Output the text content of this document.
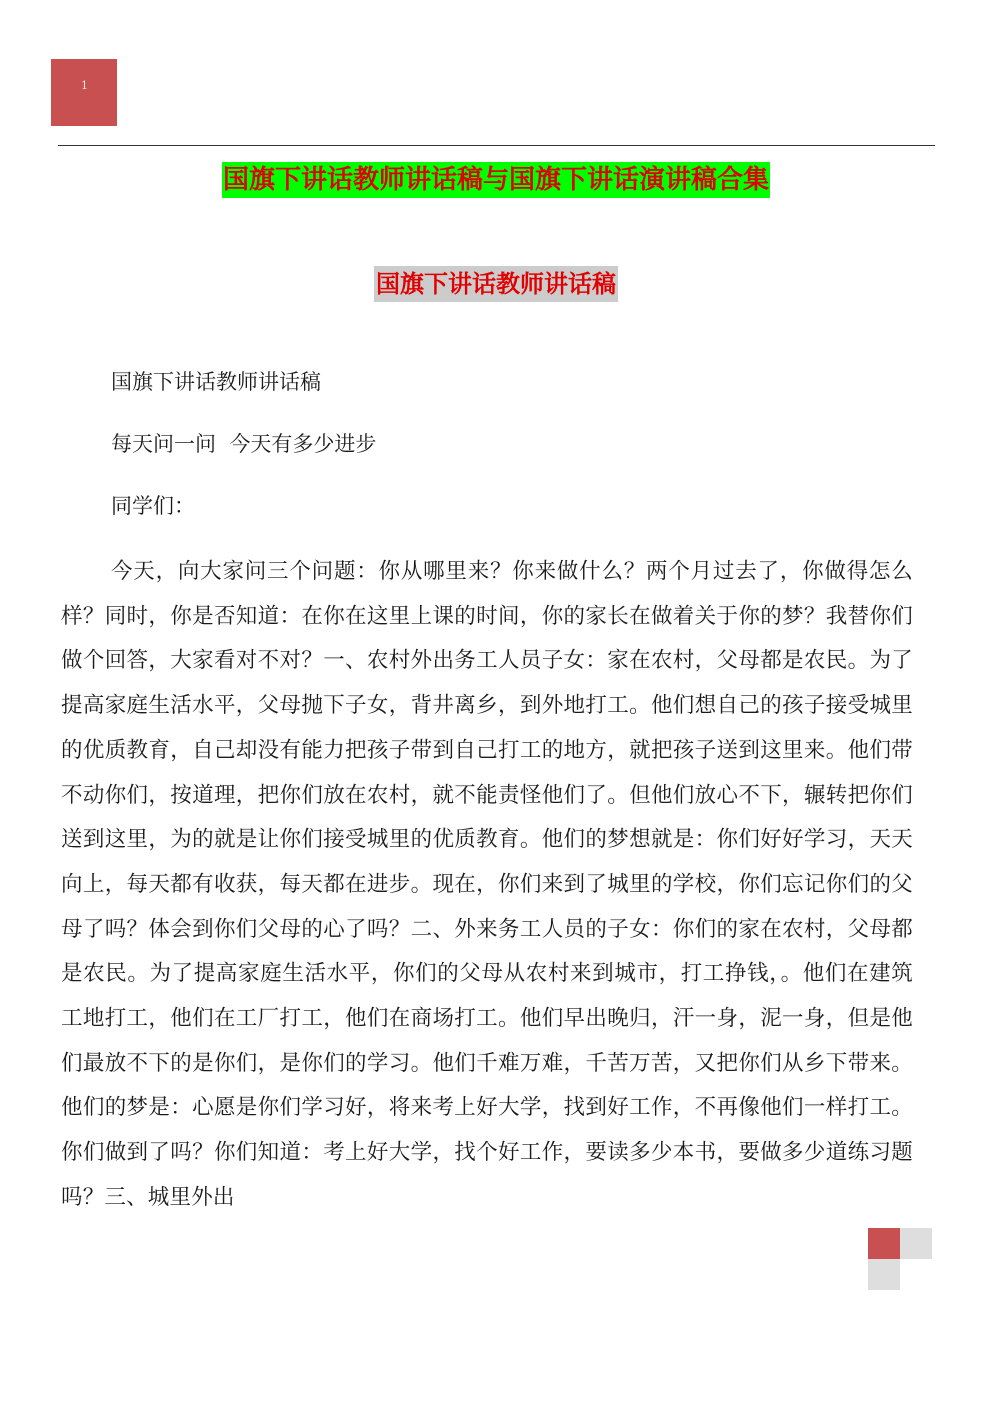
1
国旗下讲话教师讲话稿与国旗下讲话演讲稿合集
国旗下讲话教师讲话稿
国旗下讲话教师讲话稿
每天问一问  今天有多少进步
同学们：
今天，向大家问三个问题：你从哪里来？你来做什么？两个月过去了，你做得怎么样？同时，你是否知道：在你在这里上课的时间，你的家长在做着关于你的梦？我替你们做个回答，大家看对不对？一、农村外出务工人员子女：家在农村，父母都是农民。为了提高家庭生活水平，父母抛下子女，背井离乡，到外地打工。他们想自己的孩子接受城里的优质教育，自己却没有能力把孩子带到自己打工的地方，就把孩子送到这里来。他们带不动你们，按道理，把你们放在农村，就不能责怪他们了。但他们放心不下，辗转把你们送到这里，为的就是让你们接受城里的优质教育。他们的梦想就是：你们好好学习，天天向上，每天都有收获，每天都在进步。现在，你们来到了城里的学校，你们忘记你们的父母了吗？体会到你们父母的心了吗？二、外来务工人员的子女：你们的家在农村，父母都是农民。为了提高家庭生活水平，你们的父母从农村来到城市，打工挣钱，。他们在建筑工地打工，他们在工厂打工，他们在商场打工。他们早出晚归，汗一身，泥一身，但是他们最放不下的是你们，是你们的学习。他们千难万难，千苦万苦，又把你们从乡下带来。他们的梦是：心愿是你们学习好，将来考上好大学，找到好工作，不再像他们一样打工。你们做到了吗？你们知道：考上好大学，找个好工作，要读多少本书，要做多少道练习题吗？三、城里外出
